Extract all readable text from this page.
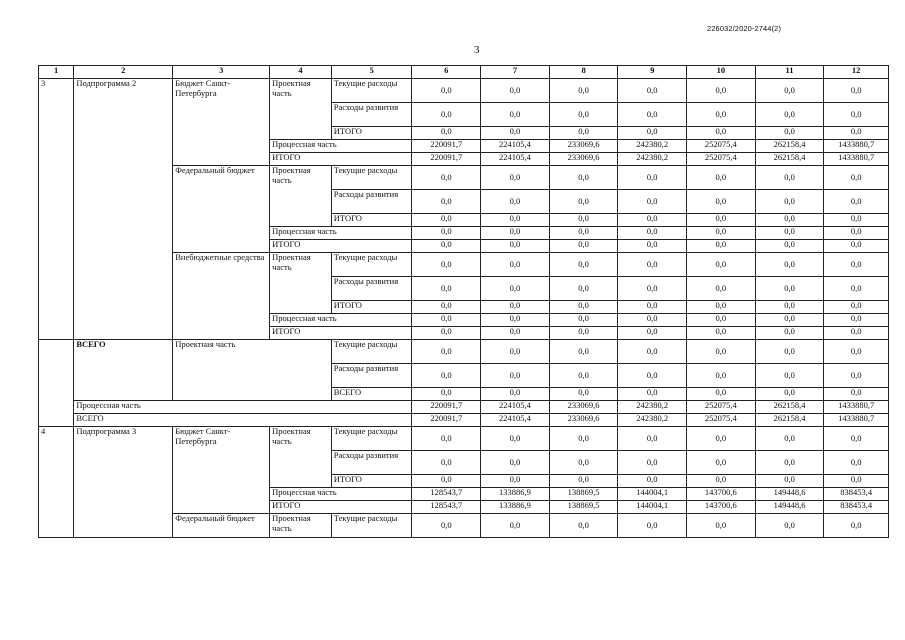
226032/2020-2744(2)
3
1	2	3	4	5	6	7	8	9	10	11	12
3	Подпрограмма 2	Бюджет Санкт-Петербурга	Проектная часть	Текущие расходы	0,0	0,0	0,0	0,0	0,0	0,0	0,0
				Расходы развития	0,0	0,0	0,0	0,0	0,0	0,0	0,0
				ИТОГО	0,0	0,0	0,0	0,0	0,0	0,0	0,0
			Процессная часть		220091,7	224105,4	233069,6	242380,2	252075,4	262158,4	1433880,7
			ИТОГО		220091,7	224105,4	233069,6	242380,2	252075,4	262158,4	1433880,7
		Федеральный бюджет	Проектная часть	Текущие расходы	0,0	0,0	0,0	0,0	0,0	0,0	0,0
				Расходы развития	0,0	0,0	0,0	0,0	0,0	0,0	0,0
				ИТОГО	0,0	0,0	0,0	0,0	0,0	0,0	0,0
			Процессная часть		0,0	0,0	0,0	0,0	0,0	0,0	0,0
			ИТОГО		0,0	0,0	0,0	0,0	0,0	0,0	0,0
		Внебюджетные средства	Проектная часть	Текущие расходы	0,0	0,0	0,0	0,0	0,0	0,0	0,0
				Расходы развития	0,0	0,0	0,0	0,0	0,0	0,0	0,0
				ИТОГО	0,0	0,0	0,0	0,0	0,0	0,0	0,0
			Процессная часть		0,0	0,0	0,0	0,0	0,0	0,0	0,0
			ИТОГО		0,0	0,0	0,0	0,0	0,0	0,0	0,0
	ВСЕГО	Проектная часть		Текущие расходы	0,0	0,0	0,0	0,0	0,0	0,0	0,0
				Расходы развития	0,0	0,0	0,0	0,0	0,0	0,0	0,0
				ВСЕГО	0,0	0,0	0,0	0,0	0,0	0,0	0,0
	Процессная часть				220091,7	224105,4	233069,6	242380,2	252075,4	262158,4	1433880,7
	ВСЕГО				220091,7	224105,4	233069,6	242380,2	252075,4	262158,4	1433880,7
4	Подпрограмма 3	Бюджет Санкт-Петербурга	Проектная часть	Текущие расходы	0,0	0,0	0,0	0,0	0,0	0,0	0,0
				Расходы развития	0,0	0,0	0,0	0,0	0,0	0,0	0,0
				ИТОГО	0,0	0,0	0,0	0,0	0,0	0,0	0,0
			Процессная часть		128543,7	133886,9	138869,5	144004,1	143700,6	149448,6	838453,4
			ИТОГО		128543,7	133886,9	138869,5	144004,1	143700,6	149448,6	838453,4
		Федеральный бюджет	Проектная часть	Текущие расходы	0,0	0,0	0,0	0,0	0,0	0,0	0,0
